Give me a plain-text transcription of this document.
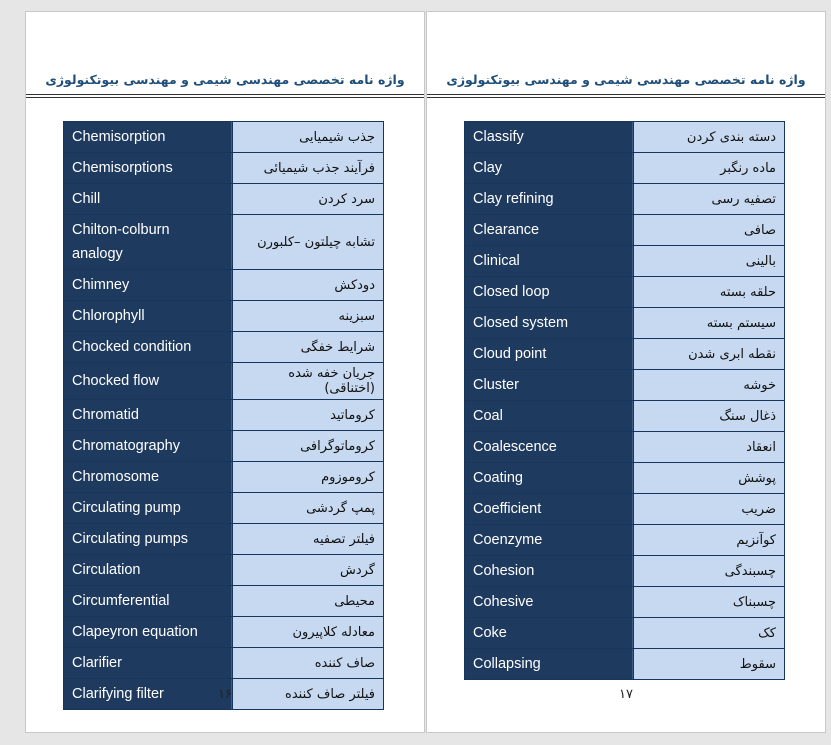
واژه نامه تخصصی مهندسی شیمی و مهندسی بیوتکنولوژی
Chemisorption	جذب شیمیایی
Chemisorptions	فرآیند جذب شیمیائی
Chill	سرد کردن
Chilton-colburn analogy	تشابه چیلتون –کلبورن
Chimney	دودکش
Chlorophyll	سبزینه
Chocked condition	شرایط خفگی
Chocked flow	جریان خفه شده (اختناقی)
Chromatid	کروماتید
Chromatography	کروماتوگرافی
Chromosome	کروموزوم
Circulating pump	پمپ گردشی
Circulating pumps	فیلتر تصفیه
Circulation	گردش
Circumferential	محیطی
Clapeyron equation	معادله کلاپیرون
Clarifier	صاف کننده
Clarifying filter	فیلتر صاف کننده
۱۶
واژه نامه تخصصی مهندسی شیمی و مهندسی بیوتکنولوژی
Classify	دسته بندی کردن
Clay	ماده رنگبر
Clay refining	تصفیه رسی
Clearance	صافی
Clinical	بالینی
Closed loop	حلقه بسته
Closed system	سیستم بسته
Cloud point	نقطه ابری شدن
Cluster	خوشه
Coal	ذغال سنگ
Coalescence	انعقاد
Coating	پوشش
Coefficient	ضریب
Coenzyme	کوآنزیم
Cohesion	چسبندگی
Cohesive	چسبناک
Coke	کک
Collapsing	سقوط
۱۷
